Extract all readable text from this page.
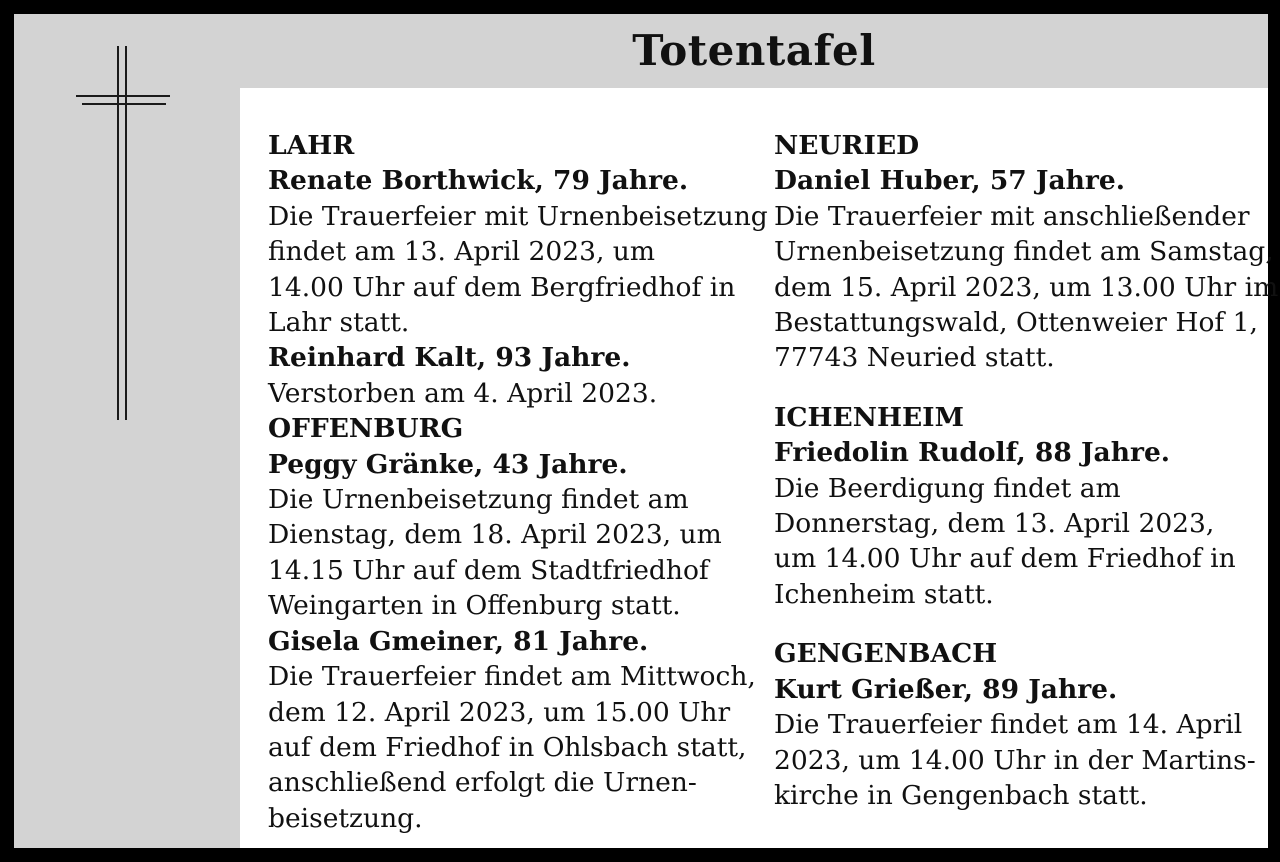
Totentafel
LAHR
Renate Borthwick, 79 Jahre.
Die Trauerfeier mit Urnenbeisetzung
findet am 13. April 2023, um
14.00 Uhr auf dem Bergfriedhof in
Lahr statt.
Reinhard Kalt, 93 Jahre.
Verstorben am 4. April 2023.
OFFENBURG
Peggy Gränke, 43 Jahre.
Die Urnenbeisetzung findet am
Dienstag, dem 18. April 2023, um
14.15 Uhr auf dem Stadtfriedhof
Weingarten in Offenburg statt.
Gisela Gmeiner, 81 Jahre.
Die Trauerfeier findet am Mittwoch,
dem 12. April 2023, um 15.00 Uhr
auf dem Friedhof in Ohlsbach statt,
anschließend erfolgt die Urnen-
beisetzung.
NEURIED
Daniel Huber, 57 Jahre.
Die Trauerfeier mit anschließender
Urnenbeisetzung findet am Samstag,
dem 15. April 2023, um 13.00 Uhr im
Bestattungswald, Ottenweier Hof 1,
77743 Neuried statt.
ICHENHEIM
Friedolin Rudolf, 88 Jahre.
Die Beerdigung findet am
Donnerstag, dem 13. April 2023,
um 14.00 Uhr auf dem Friedhof in
Ichenheim statt.
GENGENBACH
Kurt Grießer, 89 Jahre.
Die Trauerfeier findet am 14. April
2023, um 14.00 Uhr in der Martins-
kirche in Gengenbach statt.
